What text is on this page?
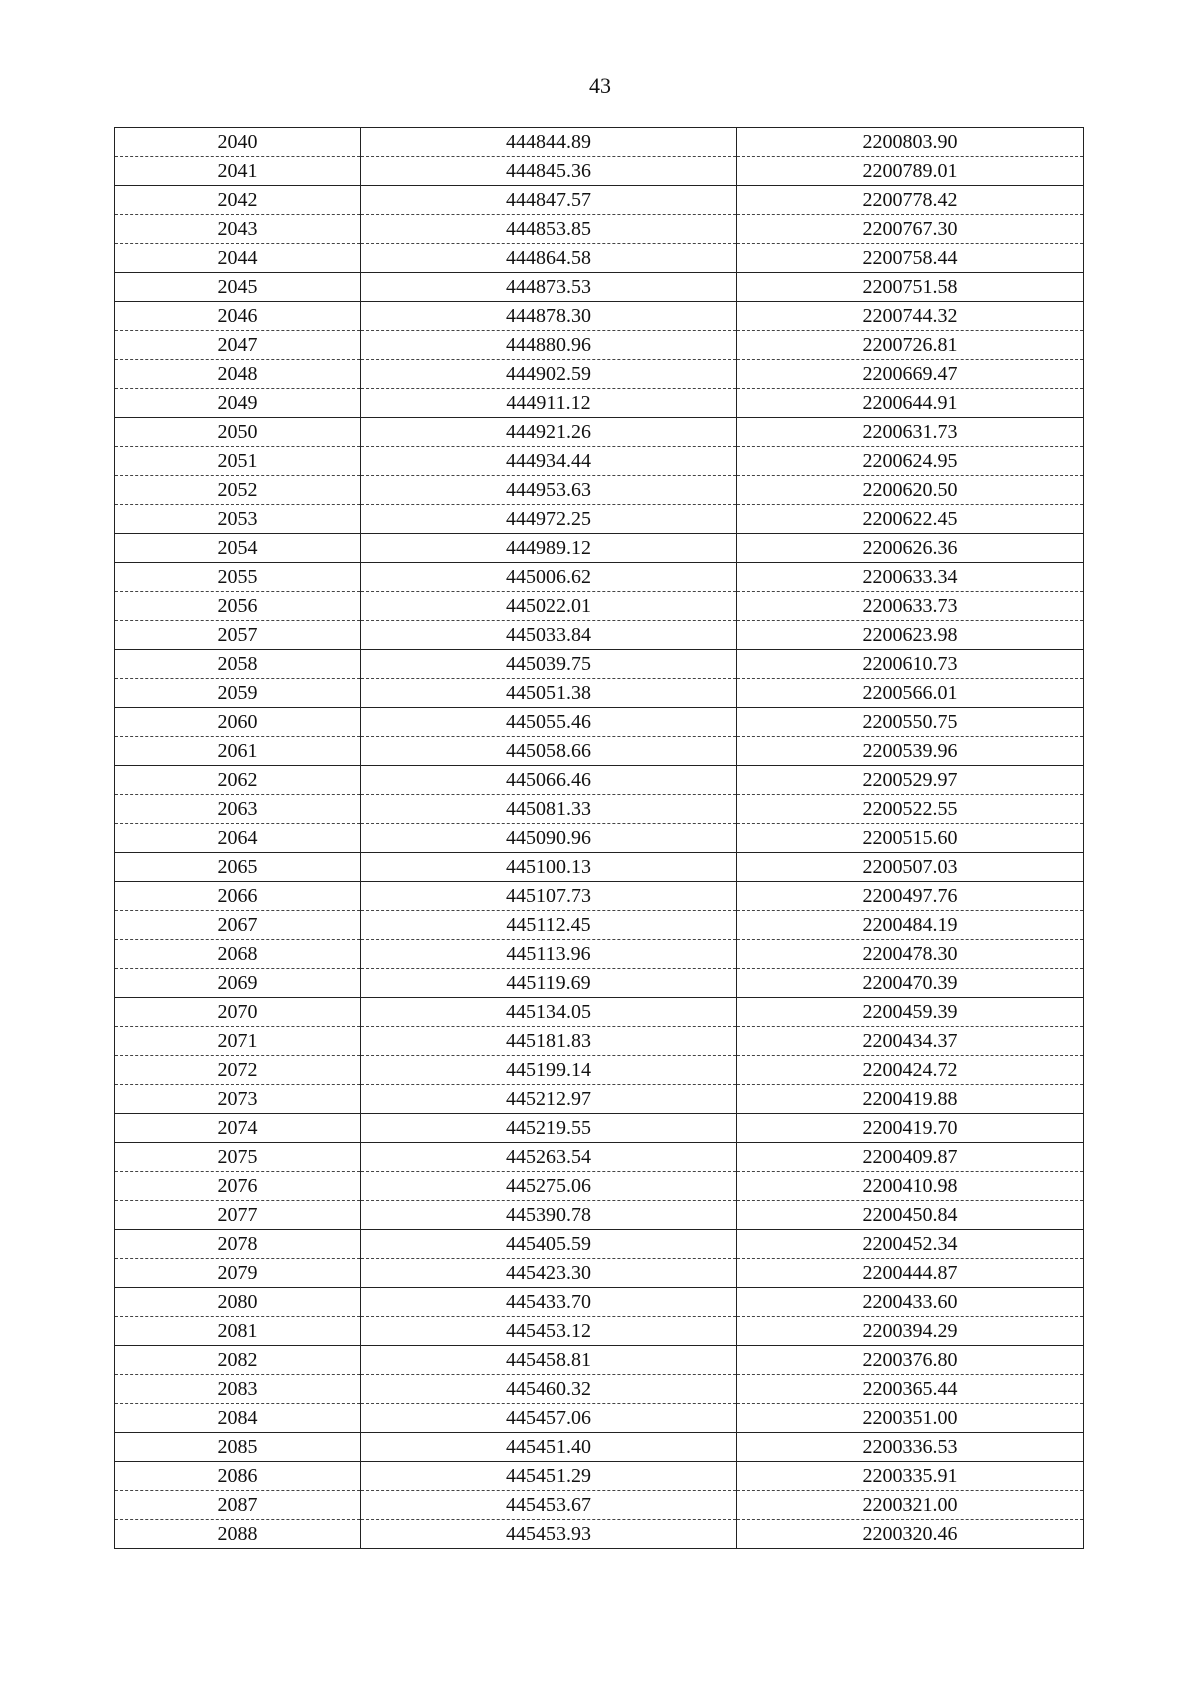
43
2040	444844.89	2200803.90
2041	444845.36	2200789.01
2042	444847.57	2200778.42
2043	444853.85	2200767.30
2044	444864.58	2200758.44
2045	444873.53	2200751.58
2046	444878.30	2200744.32
2047	444880.96	2200726.81
2048	444902.59	2200669.47
2049	444911.12	2200644.91
2050	444921.26	2200631.73
2051	444934.44	2200624.95
2052	444953.63	2200620.50
2053	444972.25	2200622.45
2054	444989.12	2200626.36
2055	445006.62	2200633.34
2056	445022.01	2200633.73
2057	445033.84	2200623.98
2058	445039.75	2200610.73
2059	445051.38	2200566.01
2060	445055.46	2200550.75
2061	445058.66	2200539.96
2062	445066.46	2200529.97
2063	445081.33	2200522.55
2064	445090.96	2200515.60
2065	445100.13	2200507.03
2066	445107.73	2200497.76
2067	445112.45	2200484.19
2068	445113.96	2200478.30
2069	445119.69	2200470.39
2070	445134.05	2200459.39
2071	445181.83	2200434.37
2072	445199.14	2200424.72
2073	445212.97	2200419.88
2074	445219.55	2200419.70
2075	445263.54	2200409.87
2076	445275.06	2200410.98
2077	445390.78	2200450.84
2078	445405.59	2200452.34
2079	445423.30	2200444.87
2080	445433.70	2200433.60
2081	445453.12	2200394.29
2082	445458.81	2200376.80
2083	445460.32	2200365.44
2084	445457.06	2200351.00
2085	445451.40	2200336.53
2086	445451.29	2200335.91
2087	445453.67	2200321.00
2088	445453.93	2200320.46
